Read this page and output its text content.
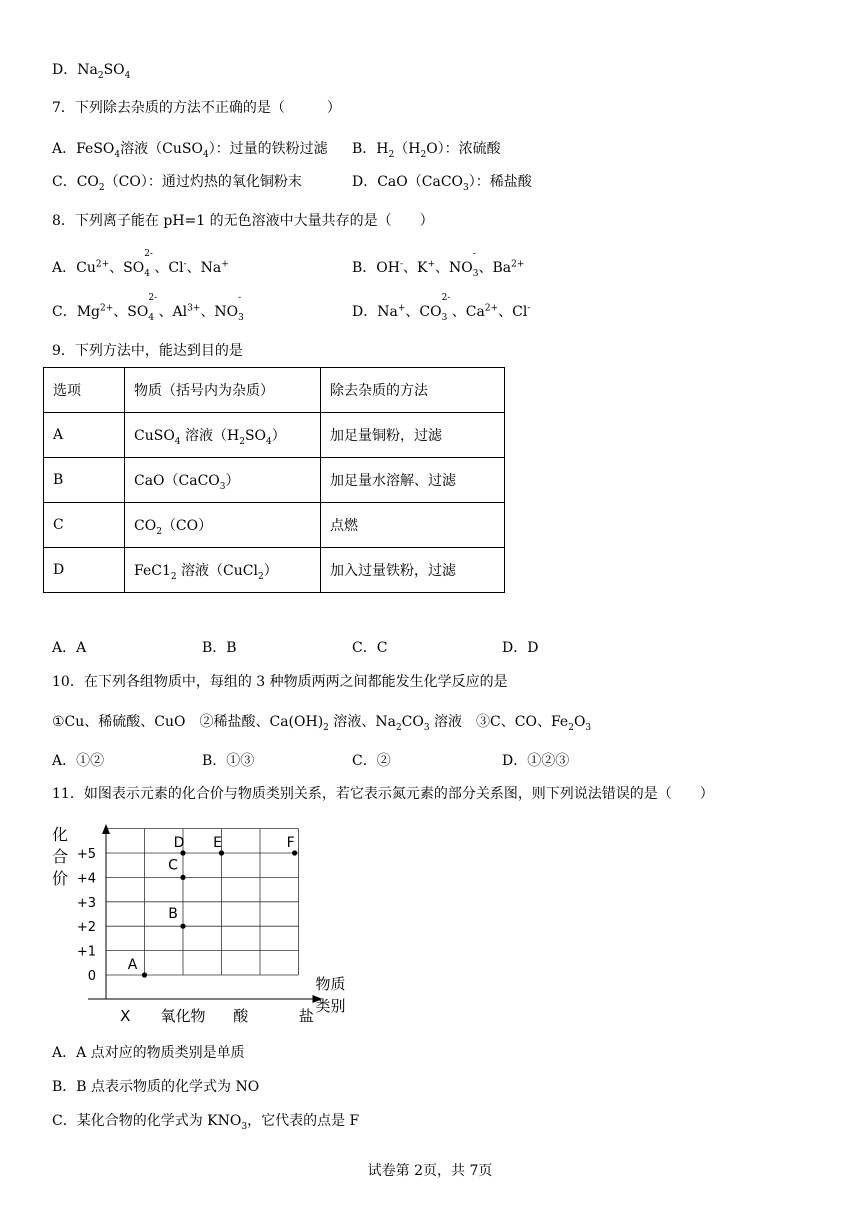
D．$Na_2SO_4$
7．下列除去杂质的方法不正确的是（　　　）
A．FeSO$_4$溶液（CuSO$_4$）：过量的铁粉过滤 B．$H_2(H_2O)$：浓硫酸
C．$CO_2(CO)$：通过灼热的氧化铜粉末	D．CaO（CaCO$_3$）：稀盐酸
8．下列离子能在 pH=1 的无色溶液中大量共存的是（　　）
A．$Cu^{2+}$、$SO_4$
2-
、Cl-、Na+	B．OH-、K+、$NO_3$
-
、$Ba^{2+}$
C．$Mg^{2+}$、$SO_4$
2-
、$Al^{3+}$、$NO_3$
-
D．Na+、$CO_3$
2-
、$Ca^{2+}$、Cl-
9．下列方法中，能达到目的是
选项	物质（括号内为杂质）	除去杂质的方法
A	CuSO$_4$ 溶液$(H_2SO_4)$	加足量铜粉，过滤
B	CaO（CaCO$_3$）	加足量水溶解、过滤
C	$CO_2(CO)$	点燃
D	$FeC1_2$ 溶液（CuCl$_2$）	加入过量铁粉，过滤
A．A	B．B	C．C	D．D
10．在下列各组物质中，每组的 3 种物质两两之间都能发生化学反应的是
①Cu、稀硫酸、CuO　②稀盐酸、$Ca(OH)_2$ 溶液、$Na_2CO_3$ 溶液　③C、CO、$Fe_2O_3$
A．①②	B．①③	C．②	D．①②③
11．如图表示元素的化合价与物质类别关系，若它表示氮元素的部分关系图，则下列说法错误的是（　　）
+5
+4
+3
+2
+1
0
X 氧化物 酸	盐
A
B
C
D E	F
化
合
价
物质
类别
A．A 点对应的物质类别是单质
B．B 点表示物质的化学式为 NO
C．某化合物的化学式为 $KNO_3$，它代表的点是 F
试卷第 2页，共 7页
